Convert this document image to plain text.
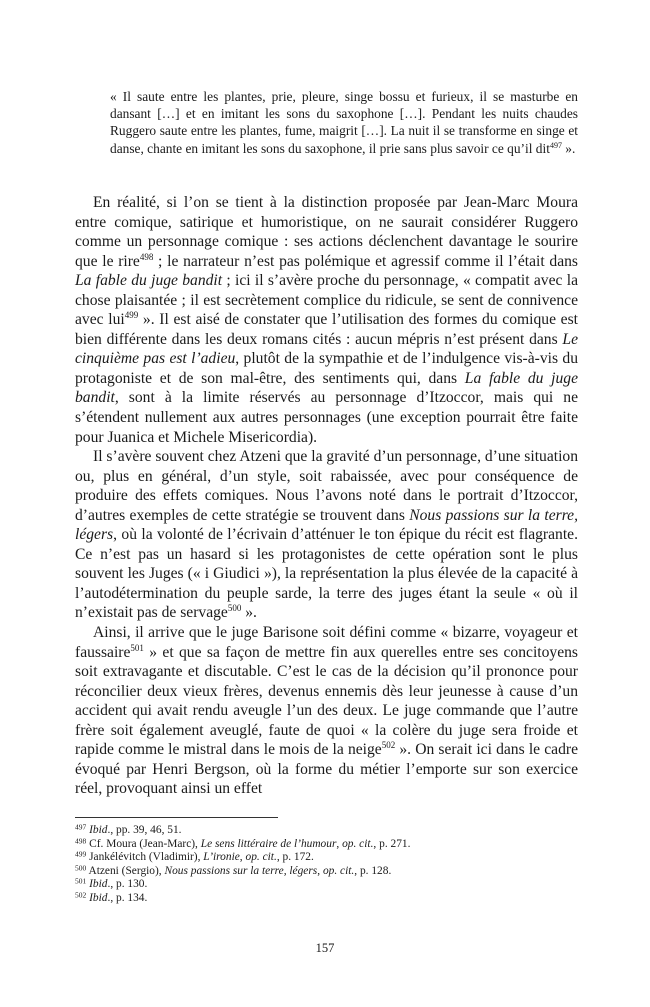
« Il saute entre les plantes, prie, pleure, singe bossu et furieux, il se masturbe en dansant […] et en imitant les sons du saxophone […]. Pendant les nuits chaudes Ruggero saute entre les plantes, fume, maigrit […]. La nuit il se transforme en singe et danse, chante en imitant les sons du saxophone, il prie sans plus savoir ce qu’il dit$^{497}$ ».

En réalité, si l’on se tient à la distinction proposée par Jean-Marc Moura entre comique, satirique et humoristique, on ne saurait considérer Ruggero comme un personnage comique : ses actions déclenchent davantage le sourire que le rire$^{498}$ ; le narrateur n’est pas polémique et agressif comme il l’était dans La fable du juge bandit ; ici il s’avère proche du personnage, « compatit avec la chose plaisantée ; il est secrètement complice du ridicule, se sent de connivence avec lui$^{499}$ ». Il est aisé de constater que l’utilisation des formes du comique est bien différente dans les deux romans cités : aucun mépris n’est présent dans Le cinquième pas est l’adieu, plutôt de la sympathie et de l’indulgence vis-à-vis du protagoniste et de son mal-être, des sentiments qui, dans La fable du juge bandit, sont à la limite réservés au personnage d’Itzoccor, mais qui ne s’étendent nullement aux autres personnages (une exception pourrait être faite pour Juanica et Michele Misericordia).

Il s’avère souvent chez Atzeni que la gravité d’un personnage, d’une situation ou, plus en général, d’un style, soit rabaissée, avec pour conséquence de produire des effets comiques. Nous l’avons noté dans le portrait d’Itzoccor, d’autres exemples de cette stratégie se trouvent dans Nous passions sur la terre, légers, où la volonté de l’écrivain d’atténuer le ton épique du récit est flagrante. Ce n’est pas un hasard si les protagonistes de cette opération sont le plus souvent les Juges (« i Giudici »), la représentation la plus élevée de la capacité à l’autodétermination du peuple sarde, la terre des juges étant la seule « où il n’existait pas de servage$^{500}$ ».

Ainsi, il arrive que le juge Barisone soit défini comme « bizarre, voyageur et faussaire$^{501}$ » et que sa façon de mettre fin aux querelles entre ses concitoyens soit extravagante et discutable. C’est le cas de la décision qu’il prononce pour réconcilier deux vieux frères, devenus ennemis dès leur jeunesse à cause d’un accident qui avait rendu aveugle l’un des deux. Le juge commande que l’autre frère soit également aveuglé, faute de quoi « la colère du juge sera froide et rapide comme le mistral dans le mois de la neige$^{502}$ ». On serait ici dans le cadre évoqué par Henri Bergson, où la forme du métier l’emporte sur son exercice réel, provoquant ainsi un effet

$^{497}$ Ibid., pp. 39, 46, 51.
$^{498}$ Cf. Moura (Jean-Marc), Le sens littéraire de l’humour, op. cit., p. 271.
$^{499}$ Jankélévitch (Vladimir), L’ironie, op. cit., p. 172.
$^{500}$ Atzeni (Sergio), Nous passions sur la terre, légers, op. cit., p. 128.
$^{501}$ Ibid., p. 130.
$^{502}$ Ibid., p. 134.
157
